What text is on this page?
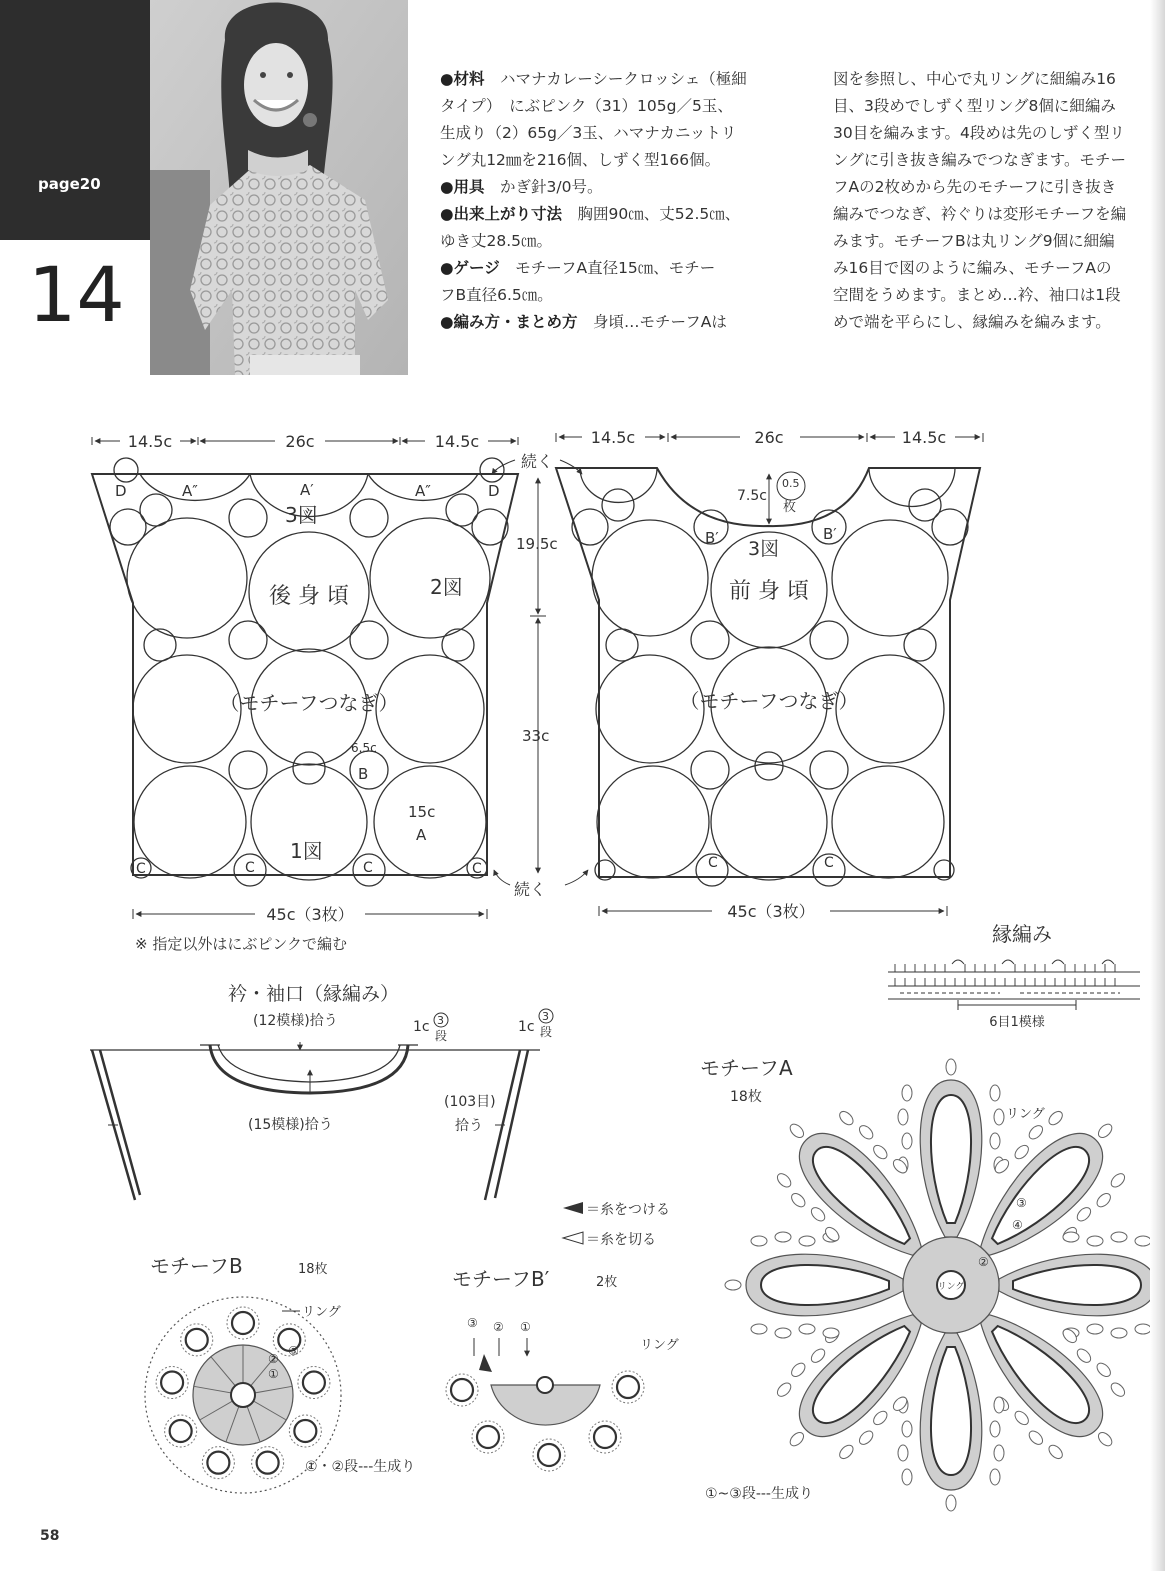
page20
14
●材料　 ハマナカレーシークロッシェ（極細
タイプ）　にぶピンク（31）105g／5玉、
生成り（2）65g／3玉、ハマナカニットリ
ング丸12㎜を216個、しずく型166個。
●用具　 かぎ針3/0号。
●出来上がり寸法　 胸囲90㎝、丈52.5㎝、
ゆき丈28.5㎝。
●ゲージ　 モチーフA直径15㎝、モチー
フB直径6.5㎝。
●編み方・まとめ方　 身頃…モチーフAは
図を参照し、中心で丸リングに細編み16
目、3段めでしずく型リング8個に細編み
30目を編みます。4段めは先のしずく型リ
ングに引き抜き編みでつなぎます。モチー
フAの2枚めから先のモチーフに引き抜き
編みでつなぎ、衿ぐりは変形モチーフを編
みます。モチーフBは丸リング9個に細編
み16目で図のように編み、モチーフAの
空間をうめます。まとめ…衿、袖口は1段
めで端を平らにし、縁編みを編みます。
14.5c	26c	14.5c
D	A″	A′	A″	D
3図
2図
後 身 頃
（モチーフつなぎ）
6.5c
B
15c
A
1図
C	C	C	C
45c（3枚）
続く
19.5c
33c
続く
14.5c	26c	14.5c
B′	B′
3図
前 身 頃
（モチーフつなぎ）
7.5c
0.5
枚
C	C
45c（3枚）
※ 指定以外はにぶピンクで編む	縁編み
6目1模様
衿・袖口（縁編み）
(12模様)拾う
(15模様)拾う
(103目)
拾う
1c 3
段
1c
3
段
＝糸をつける
＝糸を切る
モチーフA
18枚
リング
リング
③
④
②
①~③段---生成り
モチーフB	18枚
リング
③
②
①
①・②段---生成り
モチーフB′	2枚
③ ② ①
リング
58
